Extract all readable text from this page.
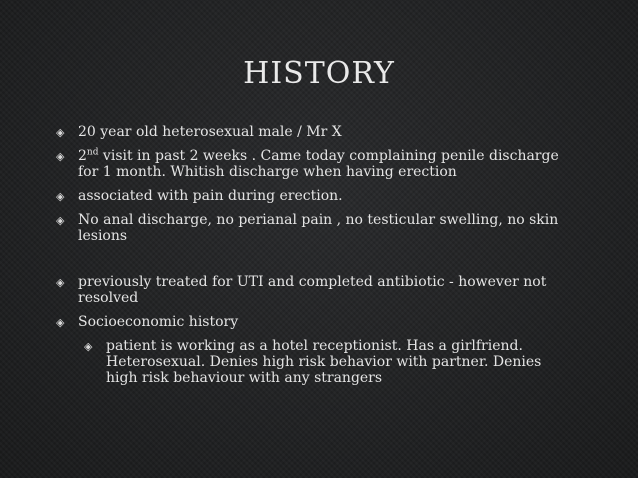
HISTORY
◈ 20 year old heterosexual male / Mr X
◈ 2nd visit in past 2 weeks . Came today complaining penile discharge for 1 month. Whitish discharge when having erection
◈ associated with pain during erection.
◈ No anal discharge, no perianal pain , no testicular swelling, no skin lesions
◈ previously treated for UTI and completed antibiotic - however not resolved
◈ Socioeconomic history
◈ patient is working as a hotel receptionist. Has a girlfriend. Heterosexual. Denies high risk behavior with partner. Denies high risk behaviour with any strangers
